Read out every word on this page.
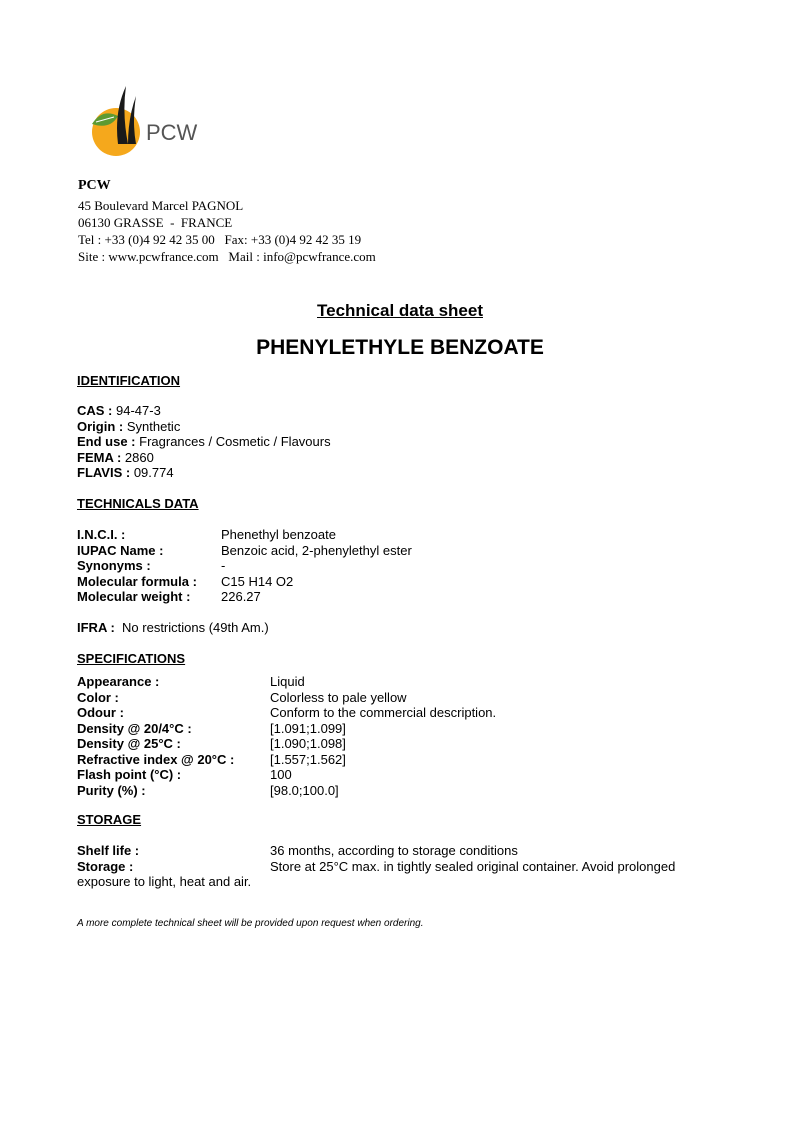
PCW
PCW
45 Boulevard Marcel PAGNOL
06130 GRASSE  -  FRANCE
Tel : +33 (0)4 92 42 35 00   Fax: +33 (0)4 92 42 35 19
Site : www.pcwfrance.com   Mail : info@pcwfrance.com
Technical data sheet
PHENYLETHYLE BENZOATE
IDENTIFICATION
CAS : 94-47-3
Origin : Synthetic
End use : Fragrances / Cosmetic / Flavours
FEMA : 2860
FLAVIS : 09.774
TECHNICALS DATA
I.N.C.I. :	Phenethyl benzoate
IUPAC Name :	Benzoic acid, 2-phenylethyl ester
Synonyms :	-
Molecular formula : C15 H14 O2
Molecular weight : 226.27
IFRA : No restrictions (49th Am.)
SPECIFICATIONS
Appearance :	Liquid
Color :	Colorless to pale yellow
Odour :	Conform to the commercial description.
Density @ 20/4°C :	[1.091;1.099]
Density @ 25°C :	[1.090;1.098]
Refractive index @ 20°C :	[1.557;1.562]
Flash point (°C) :	100
Purity (%) :	[98.0;100.0]
STORAGE
Shelf life :	36 months, according to storage conditions
Storage :	Store at 25°C max. in tightly sealed original container. Avoid prolonged
exposure to light, heat and air.
A more complete technical sheet will be provided upon request when ordering.
